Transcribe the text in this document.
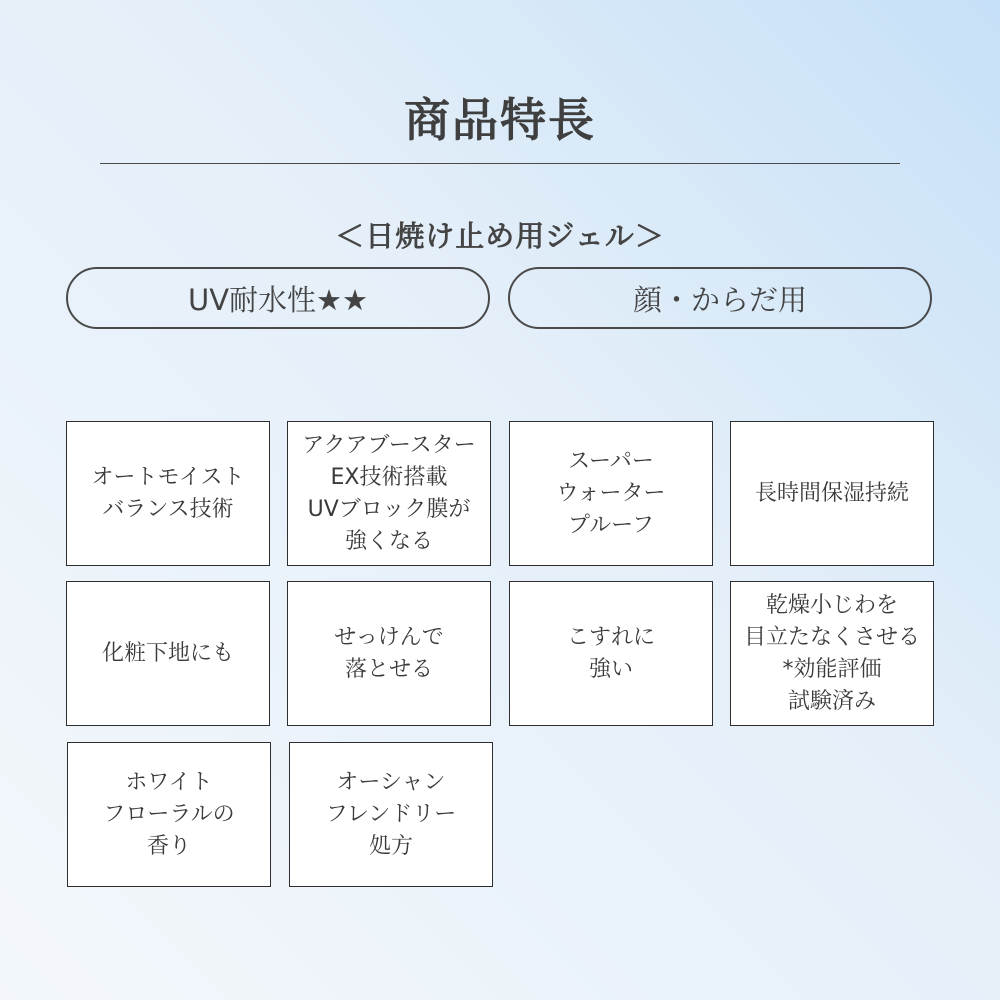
商品特長
＜日焼け止め用ジェル＞
UV耐水性★★	顔・からだ用
オートモイスト
バランス技術
アクアブースター
EX技術搭載
UVブロック膜が
強くなる
スーパー
ウォーター
プルーフ
長時間保湿持続
化粧下地にも
せっけんで
落とせる
こすれに
強い
乾燥小じわを
目立たなくさせる
*効能評価
試験済み
ホワイト
フローラルの
香り
オーシャン
フレンドリー
処方
